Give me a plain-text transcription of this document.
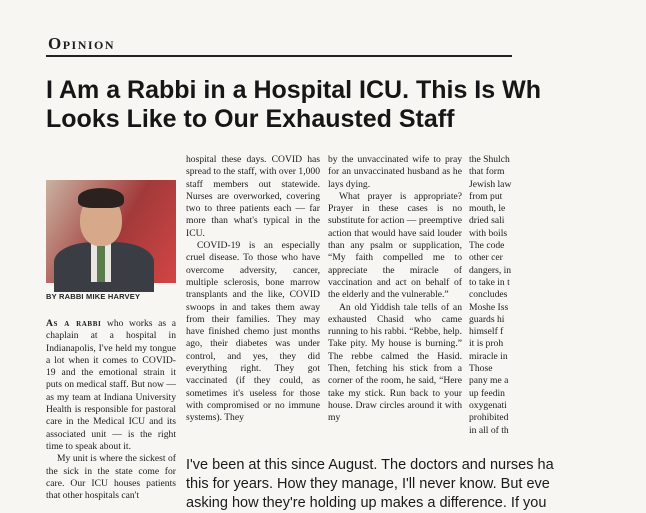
Opinion
I Am a Rabbi in a Hospital ICU. This Is Wh
Looks Like to Our Exhausted Staff
BY RABBI MIKE HARVEY

As a rabbi who works as a chaplain at a hospital in Indianapolis, I've held my tongue a lot when it comes to COVID-19 and the emotional strain it puts on medical staff. But now — as my team at Indiana University Health is responsible for pastoral care in the Medical ICU and its associated unit — is the right time to speak about it.

My unit is where the sickest of the sick in the state come for care. Our ICU houses patients that other hospitals can't

hospital these days. COVID has spread to the staff, with over 1,000 staff members out statewide. Nurses are overworked, covering two to three patients each — far more than what's typical in the ICU.

COVID-19 is an especially cruel disease. To those who have overcome adversity, cancer, multiple sclerosis, bone marrow transplants and the like, COVID swoops in and takes them away from their families. They may have finished chemo just months ago, their diabetes was under control, and yes, they did everything right. They got vaccinated (if they could, as sometimes it's useless for those with compromised or no immune systems). They

by the unvaccinated wife to pray for an unvaccinated husband as he lays dying.

What prayer is appropriate? Prayer in these cases is no substitute for action — preemptive action that would have said louder than any psalm or supplication, “My faith compelled me to appreciate the miracle of vaccination and act on behalf of the elderly and the vulnerable.”

An old Yiddish tale tells of an exhausted Chasid who came running to his rabbi. “Rebbe, help. Take pity. My house is burning.” The rebbe calmed the Hasid. Then, fetching his stick from a corner of the room, he said, “Here take my stick. Run back to your house. Draw circles around it with my

the Shulch
that form
Jewish law
from put
mouth, le
dried sali
with boils
The code
other cer
dangers, in
to take in t
concludes
Moshe Iss
guards hi
himself f
it is proh
miracle in
Those
pany me a
up feedin
oxygenati
prohibited
in all of th
I've been at this since August. The doctors and nurses ha
this for years. How they manage, I'll never know. But eve
asking how they're holding up makes a difference. If you
